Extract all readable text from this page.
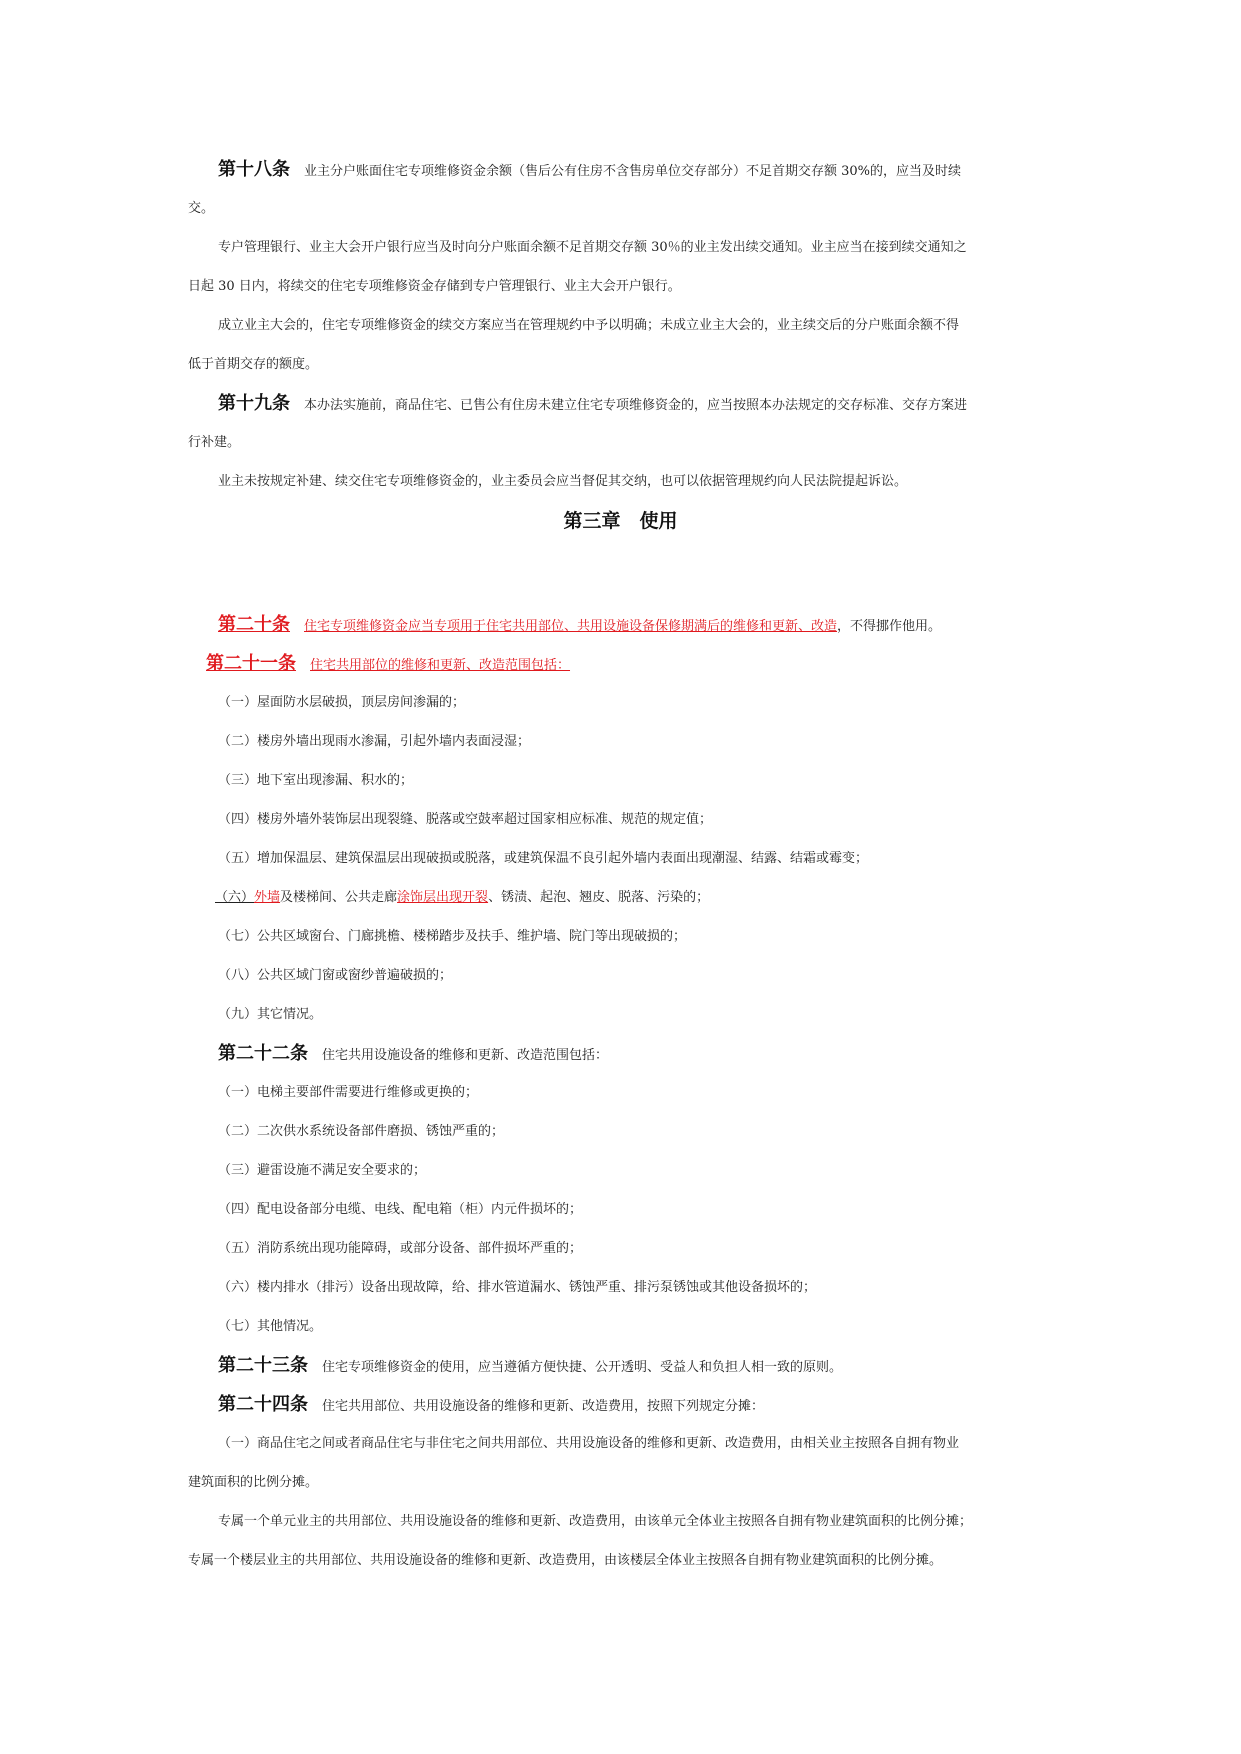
第十八条 业主分户账面住宅专项维修资金余额（售后公有住房不含售房单位交存部分）不足首期交存额 30%的，应当及时续
交。
专户管理银行、业主大会开户银行应当及时向分户账面余额不足首期交存额 30％的业主发出续交通知。业主应当在接到续交通知之
日起 30 日内，将续交的住宅专项维修资金存储到专户管理银行、业主大会开户银行。
成立业主大会的，住宅专项维修资金的续交方案应当在管理规约中予以明确；未成立业主大会的，业主续交后的分户账面余额不得
低于首期交存的额度。
第十九条 本办法实施前，商品住宅、已售公有住房未建立住宅专项维修资金的，应当按照本办法规定的交存标准、交存方案进
行补建。
业主未按规定补建、续交住宅专项维修资金的，业主委员会应当督促其交纳，也可以依据管理规约向人民法院提起诉讼。
第三章　使用
第二十条 住宅专项维修资金应当专项用于住宅共用部位、共用设施设备保修期满后的维修和更新、改造，不得挪作他用。
第二十一条 住宅共用部位的维修和更新、改造范围包括：
（一）屋面防水层破损，顶层房间渗漏的；
（二）楼房外墙出现雨水渗漏，引起外墙内表面浸湿；
（三）地下室出现渗漏、积水的；
（四）楼房外墙外装饰层出现裂缝、脱落或空鼓率超过国家相应标准、规范的规定值；
（五）增加保温层、建筑保温层出现破损或脱落，或建筑保温不良引起外墙内表面出现潮湿、结露、结霜或霉变；
（六）外墙及楼梯间、公共走廊涂饰层出现开裂、锈渍、起泡、翘皮、脱落、污染的；
（七）公共区域窗台、门廊挑檐、楼梯踏步及扶手、维护墙、院门等出现破损的；
（八）公共区域门窗或窗纱普遍破损的；
（九）其它情况。
第二十二条 住宅共用设施设备的维修和更新、改造范围包括：
（一）电梯主要部件需要进行维修或更换的；
（二）二次供水系统设备部件磨损、锈蚀严重的；
（三）避雷设施不满足安全要求的；
（四）配电设备部分电缆、电线、配电箱（柜）内元件损坏的；
（五）消防系统出现功能障碍，或部分设备、部件损坏严重的；
（六）楼内排水（排污）设备出现故障，给、排水管道漏水、锈蚀严重、排污泵锈蚀或其他设备损坏的；
（七）其他情况。
第二十三条 住宅专项维修资金的使用，应当遵循方便快捷、公开透明、受益人和负担人相一致的原则。
第二十四条 住宅共用部位、共用设施设备的维修和更新、改造费用，按照下列规定分摊：
（一）商品住宅之间或者商品住宅与非住宅之间共用部位、共用设施设备的维修和更新、改造费用，由相关业主按照各自拥有物业
建筑面积的比例分摊。
专属一个单元业主的共用部位、共用设施设备的维修和更新、改造费用，由该单元全体业主按照各自拥有物业建筑面积的比例分摊；
专属一个楼层业主的共用部位、共用设施设备的维修和更新、改造费用，由该楼层全体业主按照各自拥有物业建筑面积的比例分摊。
